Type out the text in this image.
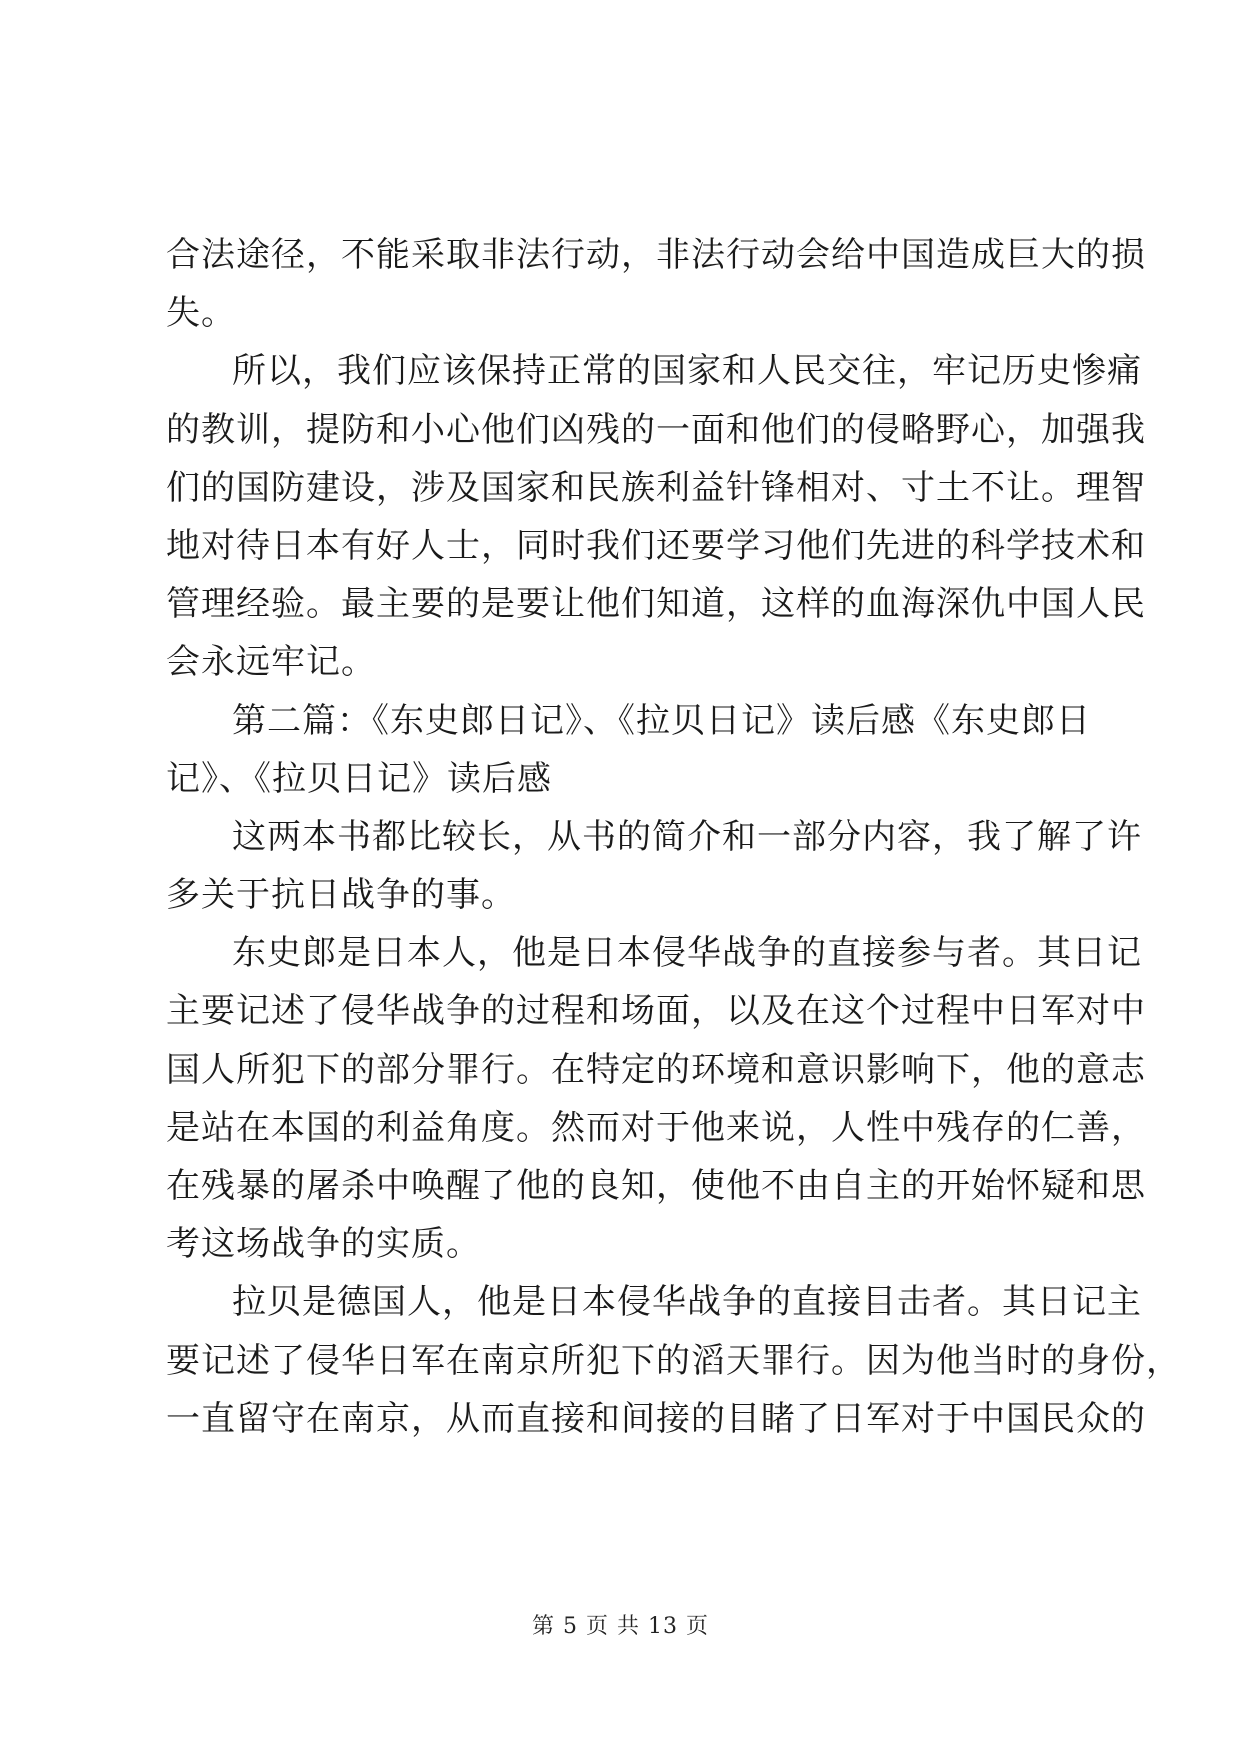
合法途径，不能采取非法行动，非法行动会给中国造成巨大的损
失。
所以，我们应该保持正常的国家和人民交往，牢记历史惨痛
的教训，提防和小心他们凶残的一面和他们的侵略野心，加强我
们的国防建设，涉及国家和民族利益针锋相对、寸土不让。理智
地对待日本有好人士，同时我们还要学习他们先进的科学技术和
管理经验。最主要的是要让他们知道，这样的血海深仇中国人民
会永远牢记。
第二篇：《东史郎日记》、《拉贝日记》读后感《东史郎日
记》、《拉贝日记》读后感
这两本书都比较长，从书的简介和一部分内容，我了解了许
多关于抗日战争的事。
东史郎是日本人，他是日本侵华战争的直接参与者。其日记
主要记述了侵华战争的过程和场面，以及在这个过程中日军对中
国人所犯下的部分罪行。在特定的环境和意识影响下，他的意志
是站在本国的利益角度。然而对于他来说，人性中残存的仁善，
在残暴的屠杀中唤醒了他的良知，使他不由自主的开始怀疑和思
考这场战争的实质。
拉贝是德国人，他是日本侵华战争的直接目击者。其日记主
要记述了侵华日军在南京所犯下的滔天罪行。因为他当时的身份，
一直留守在南京，从而直接和间接的目睹了日军对于中国民众的
第 5 页 共 13 页
